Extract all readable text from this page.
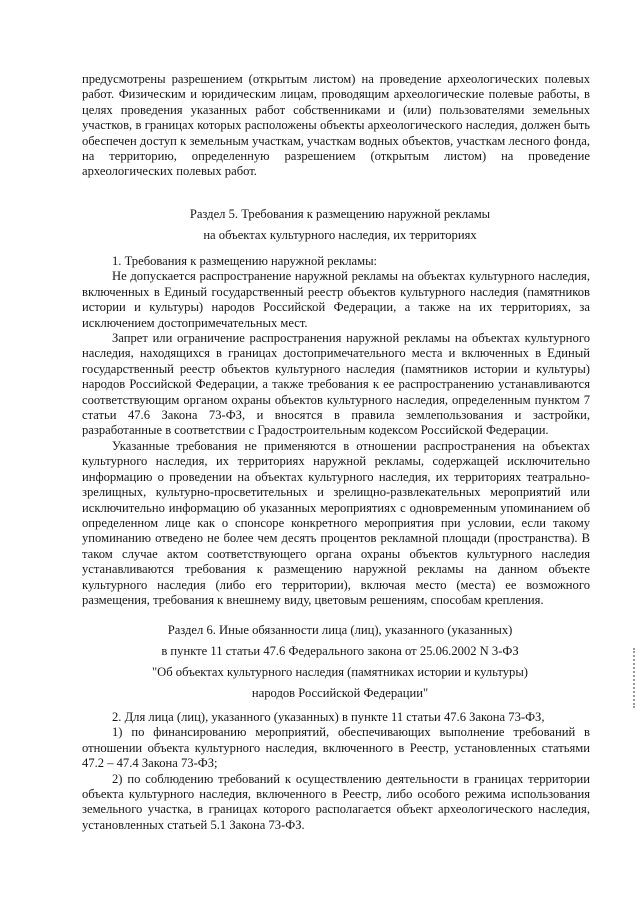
предусмотрены разрешением (открытым листом) на проведение археологических полевых работ. Физическим и юридическим лицам, проводящим археологические полевые работы, в целях проведения указанных работ собственниками и (или) пользователями земельных участков, в границах которых расположены объекты археологического наследия, должен быть обеспечен доступ к земельным участкам, участкам водных объектов, участкам лесного фонда, на территорию, определенную разрешением (открытым листом) на проведение археологических полевых работ.

Раздел 5. Требования к размещению наружной рекламы
на объектах культурного наследия, их территориях

1. Требования к размещению наружной рекламы:

Не допускается распространение наружной рекламы на объектах культурного наследия, включенных в Единый государственный реестр объектов культурного наследия (памятников истории и культуры) народов Российской Федерации, а также на их территориях, за исключением достопримечательных мест.

Запрет или ограничение распространения наружной рекламы на объектах культурного наследия, находящихся в границах достопримечательного места и включенных в Единый государственный реестр объектов культурного наследия (памятников истории и культуры) народов Российской Федерации, а также требования к ее распространению устанавливаются соответствующим органом охраны объектов культурного наследия, определенным пунктом 7 статьи 47.6 Закона 73-ФЗ, и вносятся в правила землепользования и застройки, разработанные в соответствии с Градостроительным кодексом Российской Федерации.

Указанные требования не применяются в отношении распространения на объектах культурного наследия, их территориях наружной рекламы, содержащей исключительно информацию о проведении на объектах культурного наследия, их территориях театрально-зрелищных, культурно-просветительных и зрелищно-развлекательных мероприятий или исключительно информацию об указанных мероприятиях с одновременным упоминанием об определенном лице как о спонсоре конкретного мероприятия при условии, если такому упоминанию отведено не более чем десять процентов рекламной площади (пространства). В таком случае актом соответствующего органа охраны объектов культурного наследия устанавливаются требования к размещению наружной рекламы на данном объекте культурного наследия (либо его территории), включая место (места) ее возможного размещения, требования к внешнему виду, цветовым решениям, способам крепления.

Раздел 6. Иные обязанности лица (лиц), указанного (указанных)
в пункте 11 статьи 47.6 Федерального закона от 25.06.2002 N 3-ФЗ
"Об объектах культурного наследия (памятниках истории и культуры)
народов Российской Федерации"

2. Для лица (лиц), указанного (указанных) в пункте 11 статьи 47.6 Закона 73-ФЗ,

1) по финансированию мероприятий, обеспечивающих выполнение требований в отношении объекта культурного наследия, включенного в Реестр, установленных статьями 47.2 – 47.4 Закона 73-ФЗ;

2) по соблюдению требований к осуществлению деятельности в границах территории объекта культурного наследия, включенного в Реестр, либо особого режима использования земельного участка, в границах которого располагается объект археологического наследия, установленных статьей 5.1 Закона 73-ФЗ.
